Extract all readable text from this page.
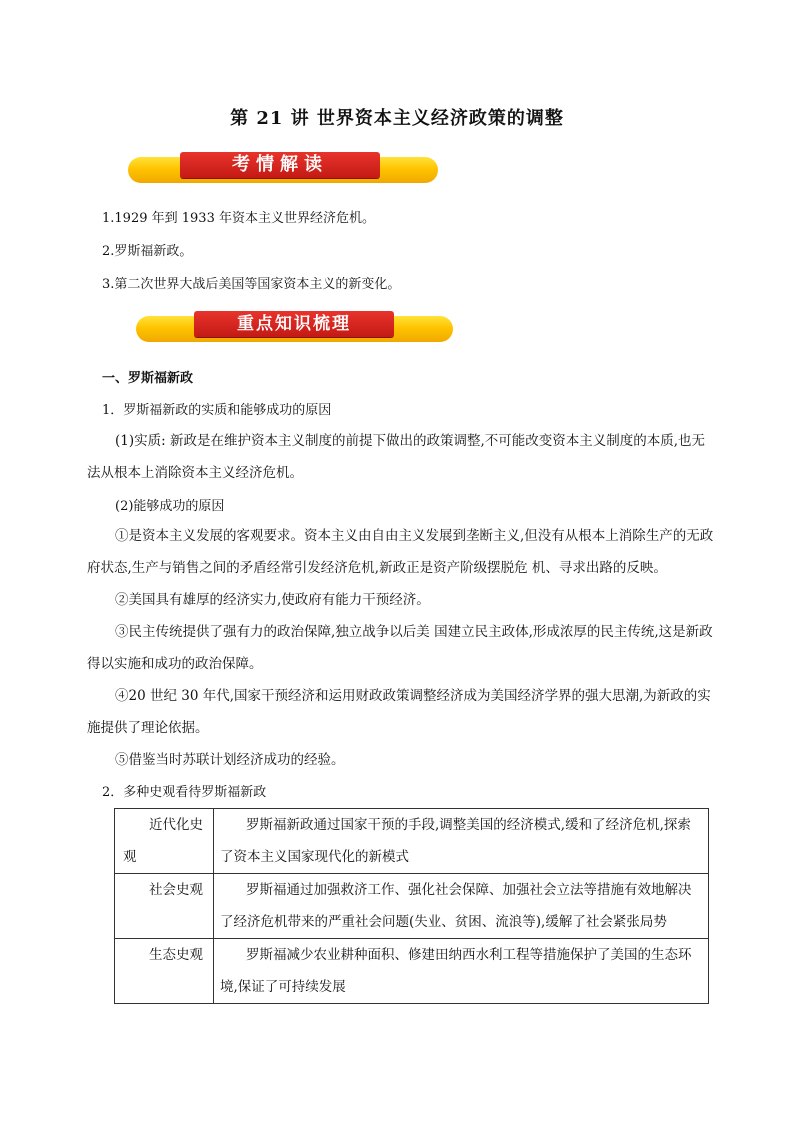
第 21 讲 世界资本主义经济政策的调整
考情解读
1.1929 年到 1933 年资本主义世界经济危机。
2.罗斯福新政。
3.第二次世界大战后美国等国家资本主义的新变化。
重点知识梳理
一、罗斯福新政
1．罗斯福新政的实质和能够成功的原因
(1)实质: 新政是在维护资本主义制度的前提下做出的政策调整,不可能改变资本主义制度的本质,也无法从根本上消除资本主义经济危机。
(2)能够成功的原因
①是资本主义发展的客观要求。资本主义由自由主义发展到垄断主义,但没有从根本上消除生产的无政府状态,生产与销售之间的矛盾经常引发经济危机,新政正是资产阶级摆脱危 机、寻求出路的反映。
②美国具有雄厚的经济实力,使政府有能力干预经济。
③民主传统提供了强有力的政治保障,独立战争以后美 国建立民主政体,形成浓厚的民主传统,这是新政得以实施和成功的政治保障。
④20 世纪 30 年代,国家干预经济和运用财政政策调整经济成为美国经济学界的强大思潮,为新政的实施提供了理论依据。
⑤借鉴当时苏联计划经济成功的经验。
2．多种史观看待罗斯福新政
近代化史观	罗斯福新政通过国家干预的手段,调整美国的经济模式,缓和了经济危机,探索了资本主义国家现代化的新模式
社会史观	罗斯福通过加强救济工作、强化社会保障、加强社会立法等措施有效地解决了经济危机带来的严重社会问题(失业、贫困、流浪等),缓解了社会紧张局势
生态史观	罗斯福减少农业耕种面积、修建田纳西水利工程等措施保护了美国的生态环境,保证了可持续发展
